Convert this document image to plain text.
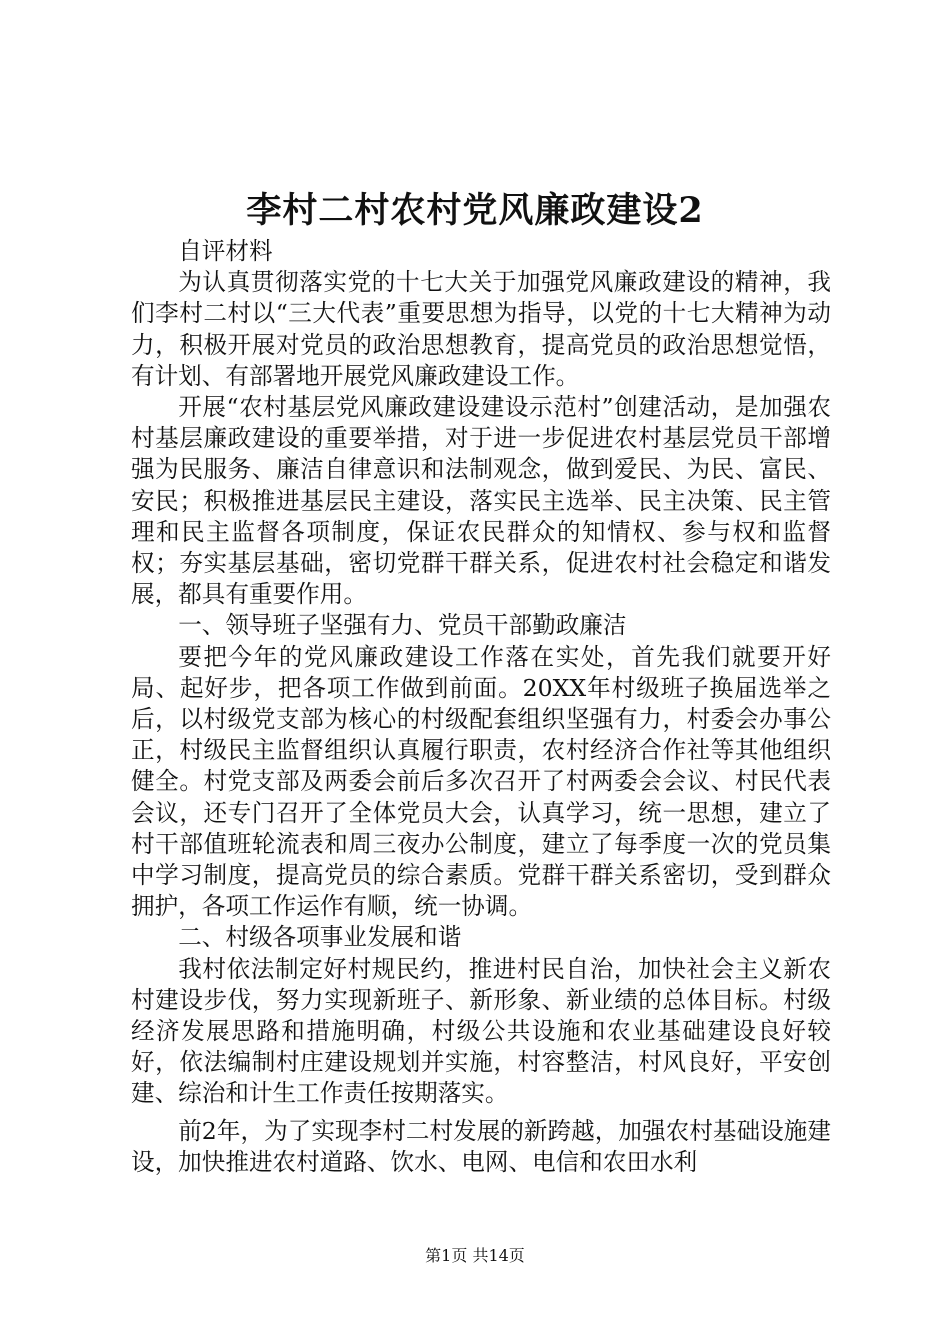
李村二村农村党风廉政建设2

自评材料

为认真贯彻落实党的十七大关于加强党风廉政建设的精神，我们李村二村以“三大代表”重要思想为指导，以党的十七大精神为动力，积极开展对党员的政治思想教育，提高党员的政治思想觉悟，有计划、有部署地开展党风廉政建设工作。

开展“农村基层党风廉政建设建设示范村”创建活动，是加强农村基层廉政建设的重要举措，对于进一步促进农村基层党员干部增强为民服务、廉洁自律意识和法制观念，做到爱民、为民、富民、安民；积极推进基层民主建设，落实民主选举、民主决策、民主管理和民主监督各项制度，保证农民群众的知情权、参与权和监督权；夯实基层基础，密切党群干群关系，促进农村社会稳定和谐发展，都具有重要作用。

一、领导班子坚强有力、党员干部勤政廉洁

要把今年的党风廉政建设工作落在实处，首先我们就要开好局、起好步，把各项工作做到前面。20XX年村级班子换届选举之后，以村级党支部为核心的村级配套组织坚强有力，村委会办事公正，村级民主监督组织认真履行职责，农村经济合作社等其他组织健全。村党支部及两委会前后多次召开了村两委会会议、村民代表会议，还专门召开了全体党员大会，认真学习，统一思想，建立了村干部值班轮流表和周三夜办公制度，建立了每季度一次的党员集中学习制度，提高党员的综合素质。党群干群关系密切，受到群众拥护，各项工作运作有顺，统一协调。

二、村级各项事业发展和谐

我村依法制定好村规民约，推进村民自治，加快社会主义新农村建设步伐，努力实现新班子、新形象、新业绩的总体目标。村级经济发展思路和措施明确，村级公共设施和农业基础建设良好较好，依法编制村庄建设规划并实施，村容整洁，村风良好，平安创建、综治和计生工作责任按期落实。

前2年，为了实现李村二村发展的新跨越，加强农村基础设施建设，加快推进农村道路、饮水、电网、电信和农田水利

第1页 共14页
